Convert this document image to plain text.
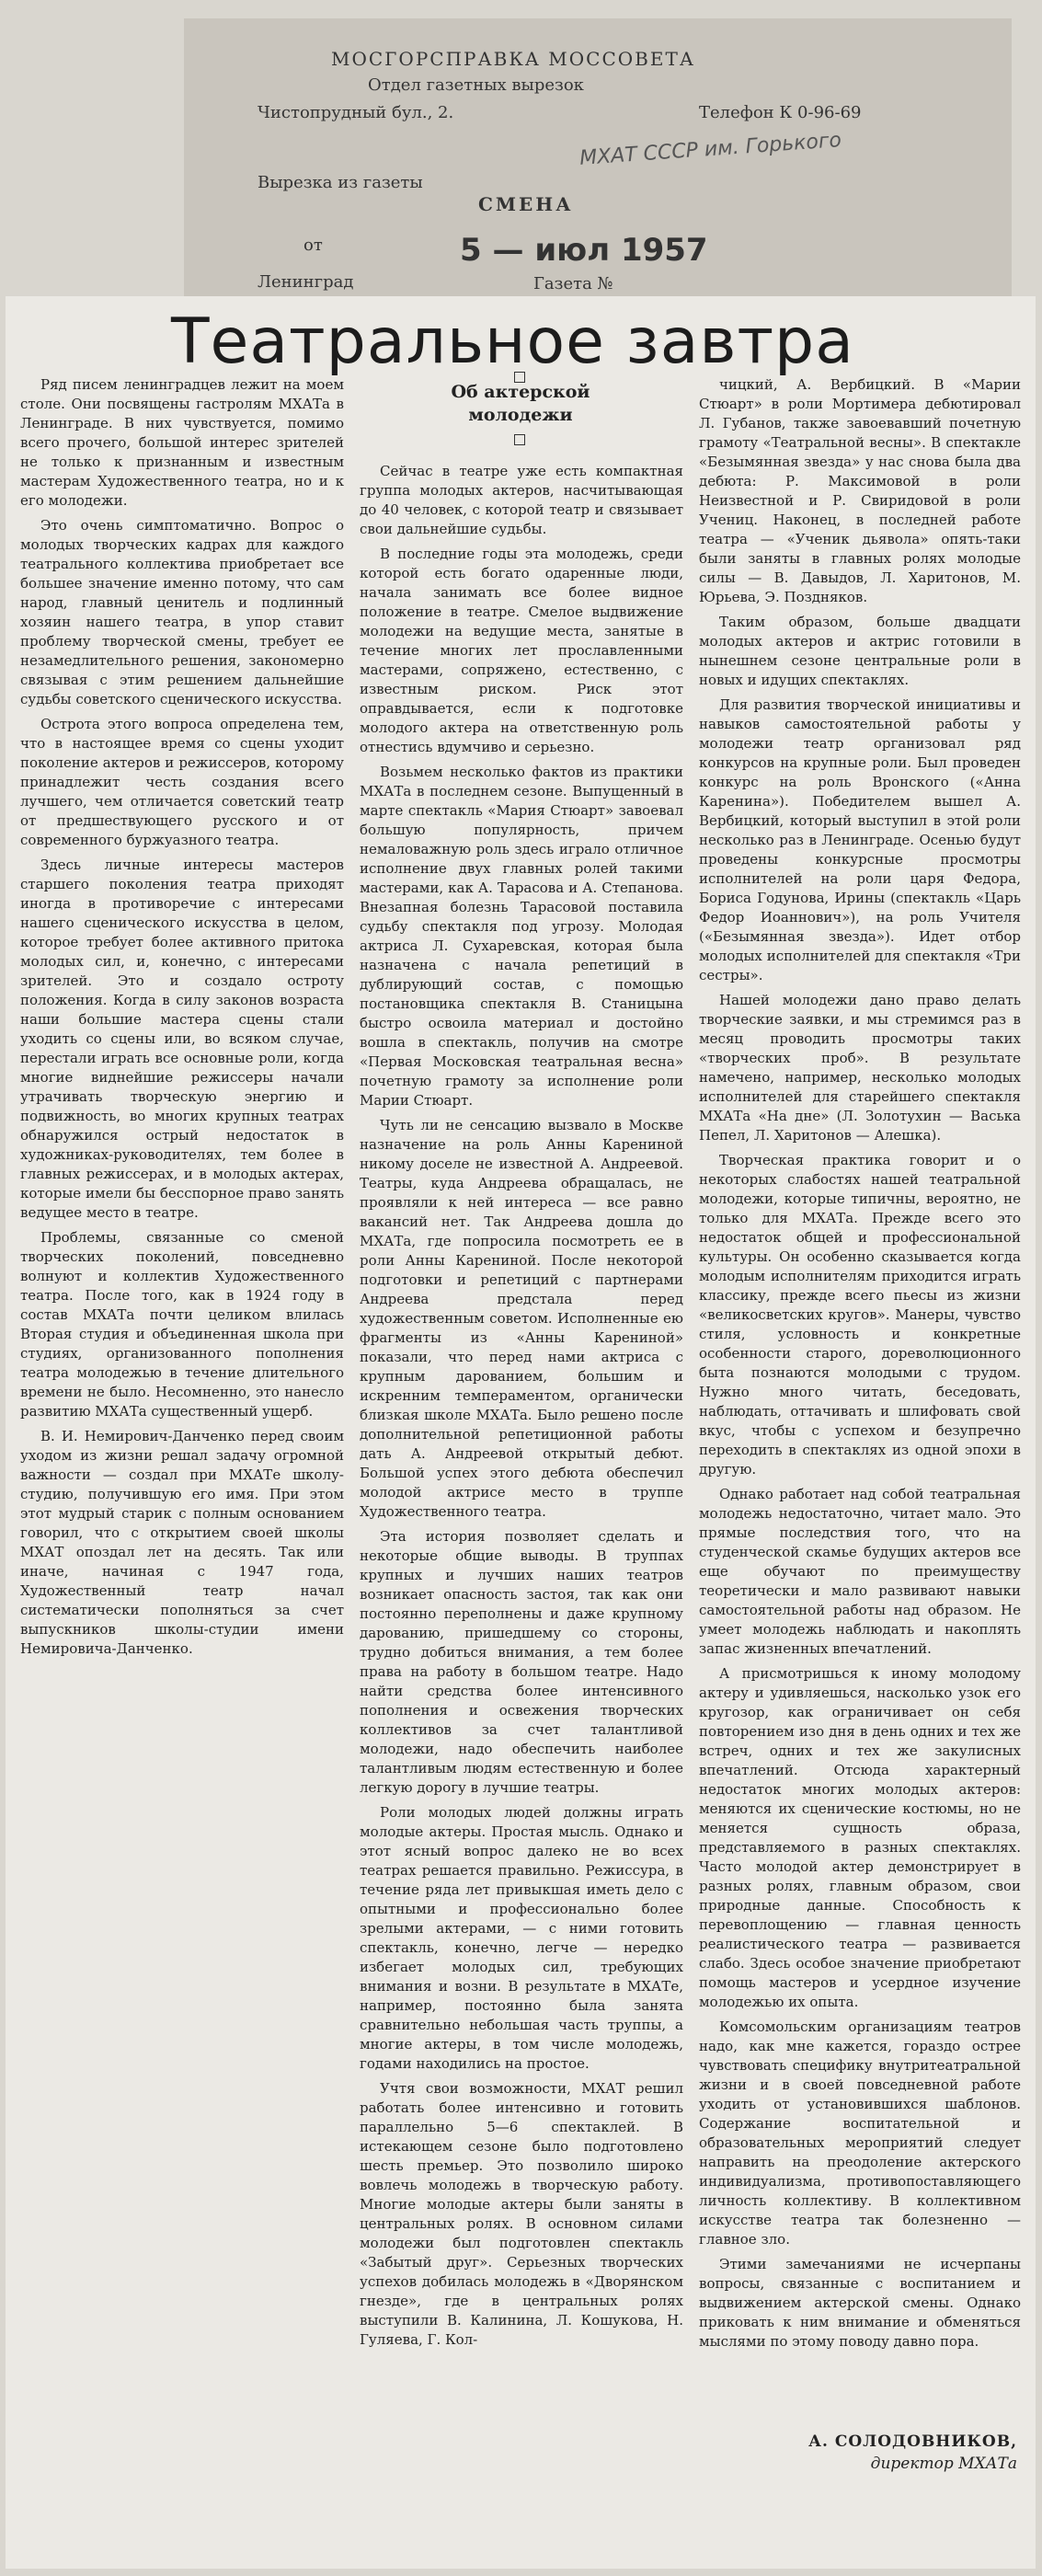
МОСГОРСПРАВКА МОССОВЕТА
Отдел газетных вырезок
Чистопрудный бул., 2.	Телефон К 0-96-69
МХАТ СССР им. Горького
Вырезка из газеты
СМЕНА
от	5 — июл 1957
Ленинград	Газета №
Театральное завтра
Об актерской молодежи

Ряд писем ленинградцев лежит на моем столе. Они посвящены гастролям МХАТа в Ленинграде. В них чувствуется, помимо всего прочего, большой интерес зрителей не только к признанным и известным мастерам Художественного театра, но и к его молодежи.

Это очень симптоматично. Вопрос о молодых творческих кадрах для каждого театрального коллектива приобретает все большее значение именно потому, что сам народ, главный ценитель и подлинный хозяин нашего театра, в упор ставит проблему творческой смены, требует ее незамедлительного решения, закономерно связывая с этим решением дальнейшие судьбы советского сценического искусства.

Острота этого вопроса определена тем, что в настоящее время со сцены уходит поколение актеров и режиссеров, которому принадлежит честь создания всего лучшего, чем отличается советский театр от предшествующего русского и от современного буржуазного театра.

Здесь личные интересы мастеров старшего поколения театра приходят иногда в противоречие с интересами нашего сценического искусства в целом, которое требует более активного притока молодых сил, и, конечно, с интересами зрителей. Это и создало остроту положения. Когда в силу законов возраста наши большие мастера сцены стали уходить со сцены или, во всяком случае, перестали играть все основные роли, когда многие виднейшие режиссеры начали утрачивать творческую энергию и подвижность, во многих крупных театрах обнаружился острый недостаток в художниках-руководителях, тем более в главных режиссерах, и в молодых актерах, которые имели бы бесспорное право занять ведущее место в театре.

Проблемы, связанные со сменой творческих поколений, повседневно волнуют и коллектив Художественного театра. После того, как в 1924 году в состав МХАТа почти целиком влилась Вторая студия и объединенная школа при студиях, организованного пополнения театра молодежью в течение длительного времени не было. Несомненно, это нанесло развитию МХАТа существенный ущерб.

В. И. Немирович-Данченко перед своим уходом из жизни решал задачу огромной важности — создал при МХАТе школу-студию, получившую его имя. При этом этот мудрый старик с полным основанием говорил, что с открытием своей школы МХАТ опоздал лет на десять. Так или иначе, начиная с 1947 года, Художественный театр начал систематически пополняться за счет выпускников школы-студии имени Немировича-Данченко.

Сейчас в театре уже есть компактная группа молодых актеров, насчитывающая до 40 человек, с которой театр и связывает свои дальнейшие судьбы.

В последние годы эта молодежь, среди которой есть богато одаренные люди, начала занимать все более видное положение в театре. Смелое выдвижение молодежи на ведущие места, занятые в течение многих лет прославленными мастерами, сопряжено, естественно, с известным риском. Риск этот оправдывается, если к подготовке молодого актера на ответственную роль отнестись вдумчиво и серьезно.

Возьмем несколько фактов из практики МХАТа в последнем сезоне. Выпущенный в марте спектакль «Мария Стюарт» завоевал большую популярность, причем немаловажную роль здесь играло отличное исполнение двух главных ролей такими мастерами, как А. Тарасова и А. Степанова. Внезапная болезнь Тарасовой поставила судьбу спектакля под угрозу. Молодая актриса Л. Сухаревская, которая была назначена с начала репетиций в дублирующий состав, с помощью постановщика спектакля В. Станицына быстро освоила материал и достойно вошла в спектакль, получив на смотре «Первая Московская театральная весна» почетную грамоту за исполнение роли Марии Стюарт.

Чуть ли не сенсацию вызвало в Москве назначение на роль Анны Карениной никому доселе не известной А. Андреевой. Театры, куда Андреева обращалась, не проявляли к ней интереса — все равно вакансий нет. Так Андреева дошла до МХАТа, где попросила посмотреть ее в роли Анны Карениной. После некоторой подготовки и репетиций с партнерами Андреева предстала перед художественным советом. Исполненные ею фрагменты из «Анны Карениной» показали, что перед нами актриса с крупным дарованием, большим и искренним темпераментом, органически близкая школе МХАТа. Было решено после дополнительной репетиционной работы дать А. Андреевой открытый дебют. Большой успех этого дебюта обеспечил молодой актрисе место в труппе Художественного театра.

Эта история позволяет сделать и некоторые общие выводы. В труппах крупных и лучших наших театров возникает опасность застоя, так как они постоянно переполнены и даже крупному дарованию, пришедшему со стороны, трудно добиться внимания, а тем более права на работу в большом театре. Надо найти средства более интенсивного пополнения и освежения творческих коллективов за счет талантливой молодежи, надо обеспечить наиболее талантливым людям естественную и более легкую дорогу в лучшие театры.

Роли молодых людей должны играть молодые актеры. Простая мысль. Однако и этот ясный вопрос далеко не во всех театрах решается правильно. Режиссура, в течение ряда лет привыкшая иметь дело с опытными и профессионально более зрелыми актерами, — с ними готовить спектакль, конечно, легче — нередко избегает молодых сил, требующих внимания и возни. В результате в МХАТе, например, постоянно была занята сравнительно небольшая часть труппы, а многие актеры, в том числе молодежь, годами находились на простое.

Учтя свои возможности, МХАТ решил работать более интенсивно и готовить параллельно 5—6 спектаклей. В истекающем сезоне было подготовлено шесть премьер. Это позволило широко вовлечь молодежь в творческую работу. Многие молодые актеры были заняты в центральных ролях. В основном силами молодежи был подготовлен спектакль «Забытый друг». Серьезных творческих успехов добилась молодежь в «Дворянском гнезде», где в центральных ролях выступили В. Калинина, Л. Кошукова, Н. Гуляева, Г. Кол-

чицкий, А. Вербицкий. В «Марии Стюарт» в роли Мортимера дебютировал Л. Губанов, также завоевавший почетную грамоту «Театральной весны». В спектакле «Безымянная звезда» у нас снова была два дебюта: Р. Максимовой в роли Неизвестной и Р. Свиридовой в роли Учениц. Наконец, в последней работе театра — «Ученик дьявола» опять-таки были заняты в главных ролях молодые силы — В. Давыдов, Л. Харитонов, М. Юрьева, Э. Поздняков.

Таким образом, больше двадцати молодых актеров и актрис готовили в нынешнем сезоне центральные роли в новых и идущих спектаклях.

Для развития творческой инициативы и навыков самостоятельной работы у молодежи театр организовал ряд конкурсов на крупные роли. Был проведен конкурс на роль Вронского («Анна Каренина»). Победителем вышел А. Вербицкий, который выступил в этой роли несколько раз в Ленинграде. Осенью будут проведены конкурсные просмотры исполнителей на роли царя Федора, Бориса Годунова, Ирины (спектакль «Царь Федор Иоаннович»), на роль Учителя («Безымянная звезда»). Идет отбор молодых исполнителей для спектакля «Три сестры».

Нашей молодежи дано право делать творческие заявки, и мы стремимся раз в месяц проводить просмотры таких «творческих проб». В результате намечено, например, несколько молодых исполнителей для старейшего спектакля МХАТа «На дне» (Л. Золотухин — Васька Пепел, Л. Харитонов — Алешка).

Творческая практика говорит и о некоторых слабостях нашей театральной молодежи, которые типичны, вероятно, не только для МХАТа. Прежде всего это недостаток общей и профессиональной культуры. Он особенно сказывается когда молодым исполнителям приходится играть классику, прежде всего пьесы из жизни «великосветских кругов». Манеры, чувство стиля, условность и конкретные особенности старого, дореволюционного быта познаются молодыми с трудом. Нужно много читать, беседовать, наблюдать, оттачивать и шлифовать свой вкус, чтобы с успехом и безупречно переходить в спектаклях из одной эпохи в другую.

Однако работает над собой театральная молодежь недостаточно, читает мало. Это прямые последствия того, что на студенческой скамье будущих актеров все еще обучают по преимуществу теоретически и мало развивают навыки самостоятельной работы над образом. Не умеет молодежь наблюдать и накоплять запас жизненных впечатлений.

А присмотришься к иному молодому актеру и удивляешься, насколько узок его кругозор, как ограничивает он себя повторением изо дня в день одних и тех же встреч, одних и тех же закулисных впечатлений. Отсюда характерный недостаток многих молодых актеров: меняются их сценические костюмы, но не меняется сущность образа, представляемого в разных спектаклях. Часто молодой актер демонстрирует в разных ролях, главным образом, свои природные данные. Способность к перевоплощению — главная ценность реалистического театра — развивается слабо. Здесь особое значение приобретают помощь мастеров и усердное изучение молодежью их опыта.

Комсомольским организациям театров надо, как мне кажется, гораздо острее чувствовать специфику внутритеатральной жизни и в своей повседневной работе уходить от установившихся шаблонов. Содержание воспитательной и образовательных мероприятий следует направить на преодоление актерского индивидуализма, противопоставляющего личность коллективу. В коллективном искусстве театра так болезненно — главное зло.

Этими замечаниями не исчерпаны вопросы, связанные с воспитанием и выдвижением актерской смены. Однако приковать к ним внимание и обменяться мыслями по этому поводу давно пора.

А. СОЛОДОВНИКОВ,
директор МХАТа
